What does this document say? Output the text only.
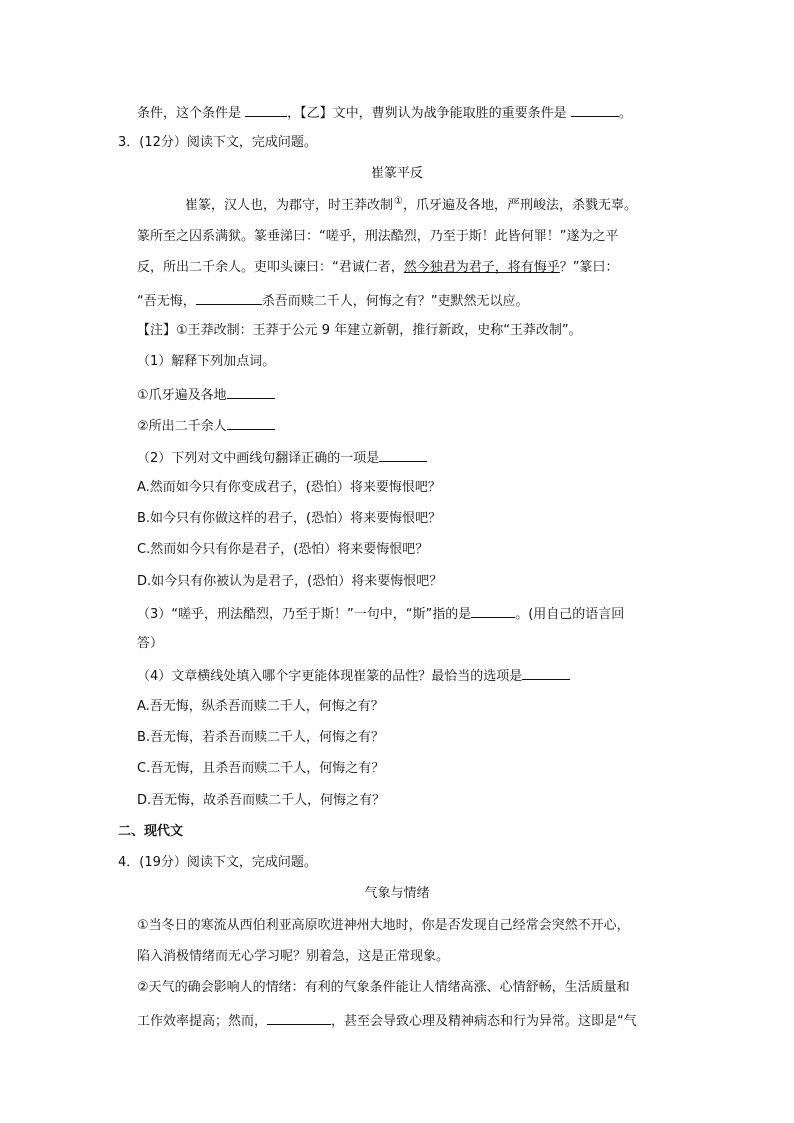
条件，这个条件是	，【乙】文中，曹刿认为战争能取胜的重要条件是	。
3．(12分）阅读下文，完成问题。
崔篆平反
崔篆，汉人也，为郡守，时王莽改制①，爪牙遍及各地，严刑峻法，杀戮无辜。
篆所至之囚系满狱。篆垂涕曰：“嗟乎，刑法酷烈，乃至于斯！此皆何罪！”遂为之平
反，所出二千余人。吏叩头谏曰：“君诚仁者，然今独君为君子，将有悔乎？”篆曰：
“吾无悔，	杀吾而赎二千人，何悔之有？”吏默然无以应。
【注】①王莽改制：王莽于公元 9 年建立新朝，推行新政，史称“王莽改制”。
（1）解释下列加点词。
①爪牙遍及各地
②所出二千余人
（2）下列对文中画线句翻译正确的一项是
A.然而如今只有你变成君子，(恐怕）将来要悔恨吧？
B.如今只有你做这样的君子，(恐怕）将来要悔恨吧？
C.然而如今只有你是君子，(恐怕）将来要悔恨吧？
D.如今只有你被认为是君子，(恐怕）将来要悔恨吧？
（3）“嗟乎，刑法酷烈，乃至于斯！”一句中，“斯”指的是	。(用自己的语言回
答）
（4）文章横线处填入哪个字更能体现崔篆的品性？最恰当的选项是
A.吾无悔，纵杀吾而赎二千人，何悔之有？
B.吾无悔，若杀吾而赎二千人，何悔之有？
C.吾无悔，且杀吾而赎二千人，何悔之有？
D.吾无悔，故杀吾而赎二千人，何悔之有？
二、现代文
4．(19分）阅读下文，完成问题。
气象与情绪
①当冬日的寒流从西伯利亚高原吹进神州大地时，你是否发现自己经常会突然不开心，
陷入消极情绪而无心学习呢？别着急，这是正常现象。
②天气的确会影响人的情绪：有利的气象条件能让人情绪高涨、心情舒畅，生活质量和
工作效率提高；然而，	，甚至会导致心理及精神病态和行为异常。这即是“气
